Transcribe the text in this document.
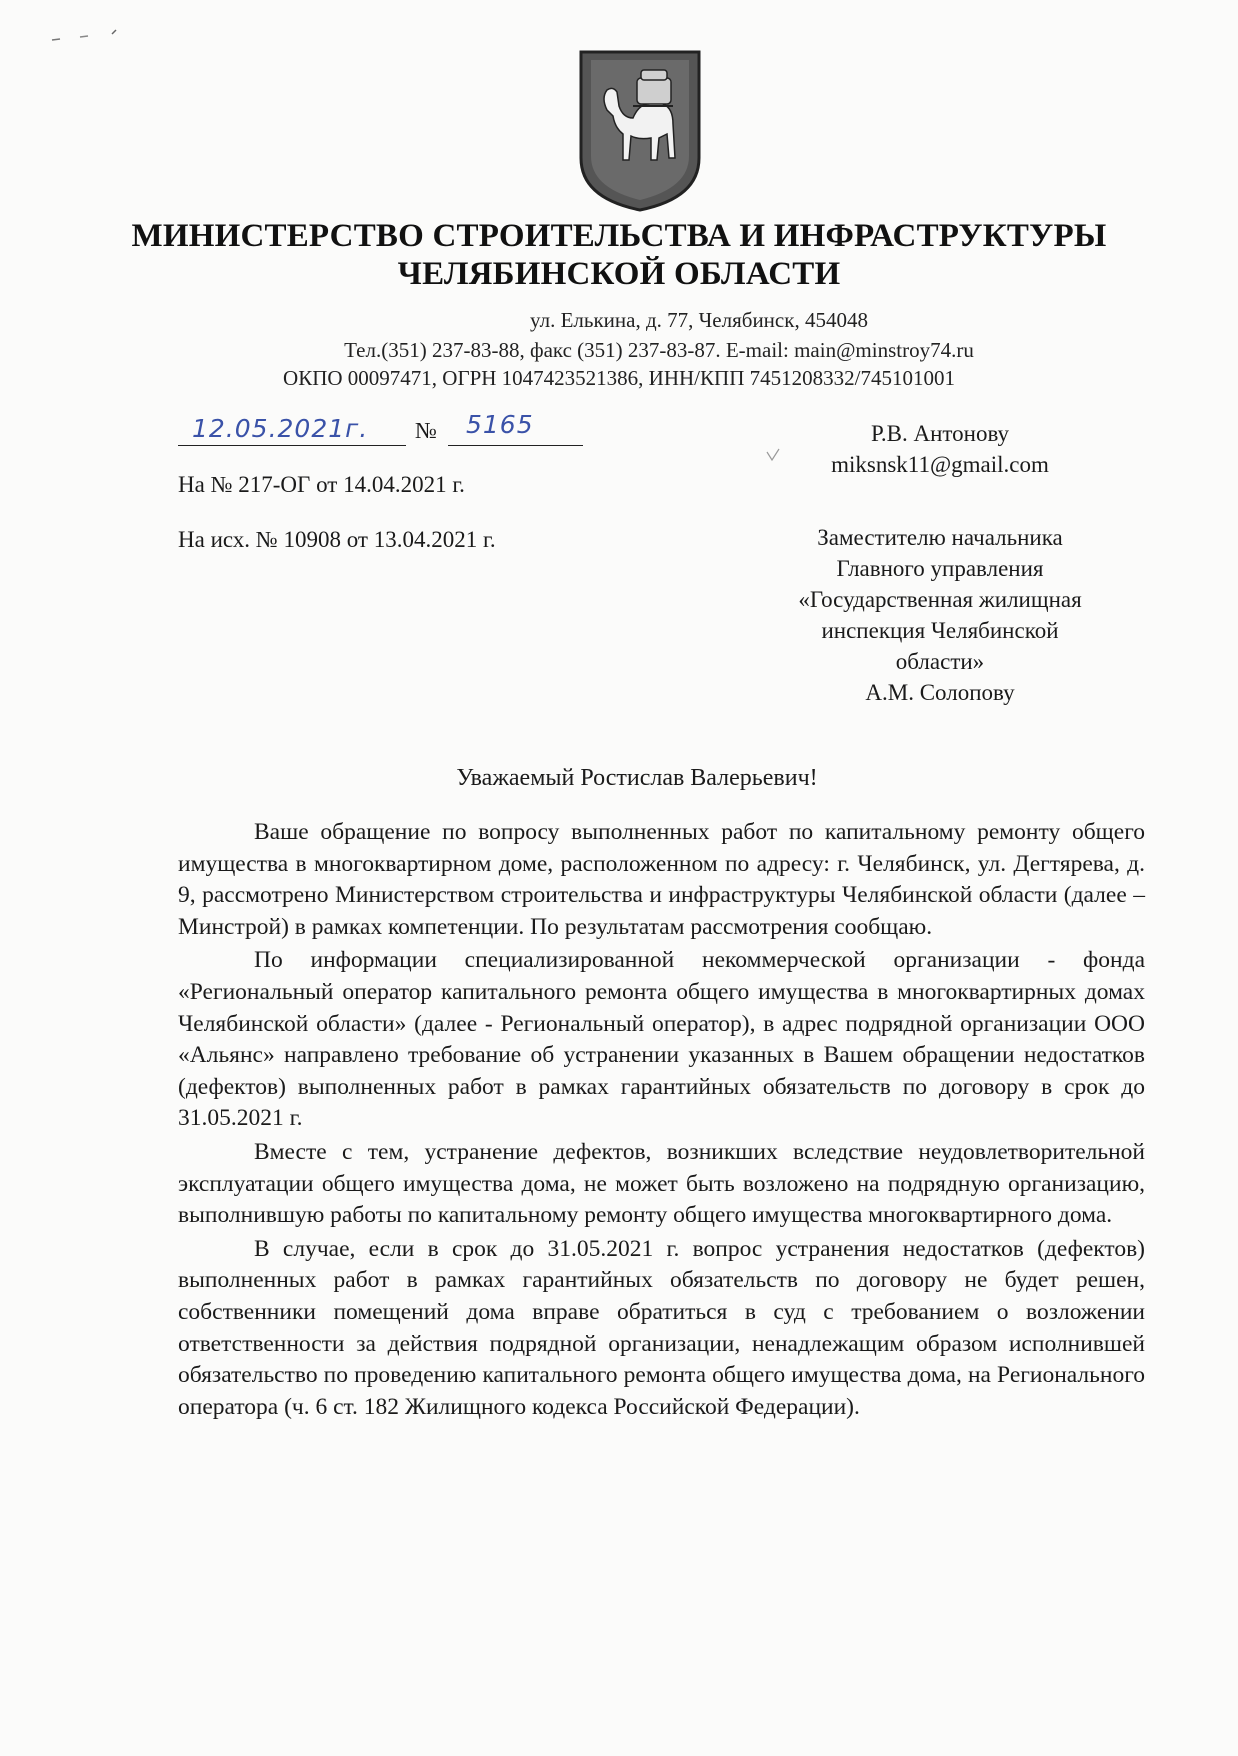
МИНИСТЕРСТВО СТРОИТЕЛЬСТВА И ИНФРАСТРУКТУРЫ
ЧЕЛЯБИНСКОЙ ОБЛАСТИ
ул. Елькина, д. 77, Челябинск, 454048
Тел.(351) 237-83-88, факс (351) 237-83-87. E-mail: main@minstroy74.ru
ОКПО 00097471, ОГРН 1047423521386, ИНН/КПП 7451208332/745101001
12.05.2021г. № 5165
На № 217-ОГ от 14.04.2021 г.
На исх. № 10908 от 13.04.2021 г.
Р.В. Антонову
miksnsk11@gmail.com
Заместителю начальника
Главного управления
«Государственная жилищная
инспекция Челябинской
области»
А.М. Солопову
Уважаемый Ростислав Валерьевич!

Ваше обращение по вопросу выполненных работ по капитальному ремонту общего имущества в многоквартирном доме, расположенном по адресу: г. Челябинск, ул. Дегтярева, д. 9, рассмотрено Министерством строительства и инфраструктуры Челябинской области (далее – Минстрой) в рамках компетенции. По результатам рассмотрения сообщаю.

По информации специализированной некоммерческой организации - фонда «Региональный оператор капитального ремонта общего имущества в многоквартирных домах Челябинской области» (далее - Региональный оператор), в адрес подрядной организации ООО «Альянс» направлено требование об устранении указанных в Вашем обращении недостатков (дефектов) выполненных работ в рамках гарантийных обязательств по договору в срок до 31.05.2021 г.

Вместе с тем, устранение дефектов, возникших вследствие неудовлетворительной эксплуатации общего имущества дома, не может быть возложено на подрядную организацию, выполнившую работы по капитальному ремонту общего имущества многоквартирного дома.

В случае, если в срок до 31.05.2021 г. вопрос устранения недостатков (дефектов) выполненных работ в рамках гарантийных обязательств по договору не будет решен, собственники помещений дома вправе обратиться в суд с требованием о возложении ответственности за действия подрядной организации, ненадлежащим образом исполнившей обязательство по проведению капитального ремонта общего имущества дома, на Регионального оператора (ч. 6 ст. 182 Жилищного кодекса Российской Федерации).
